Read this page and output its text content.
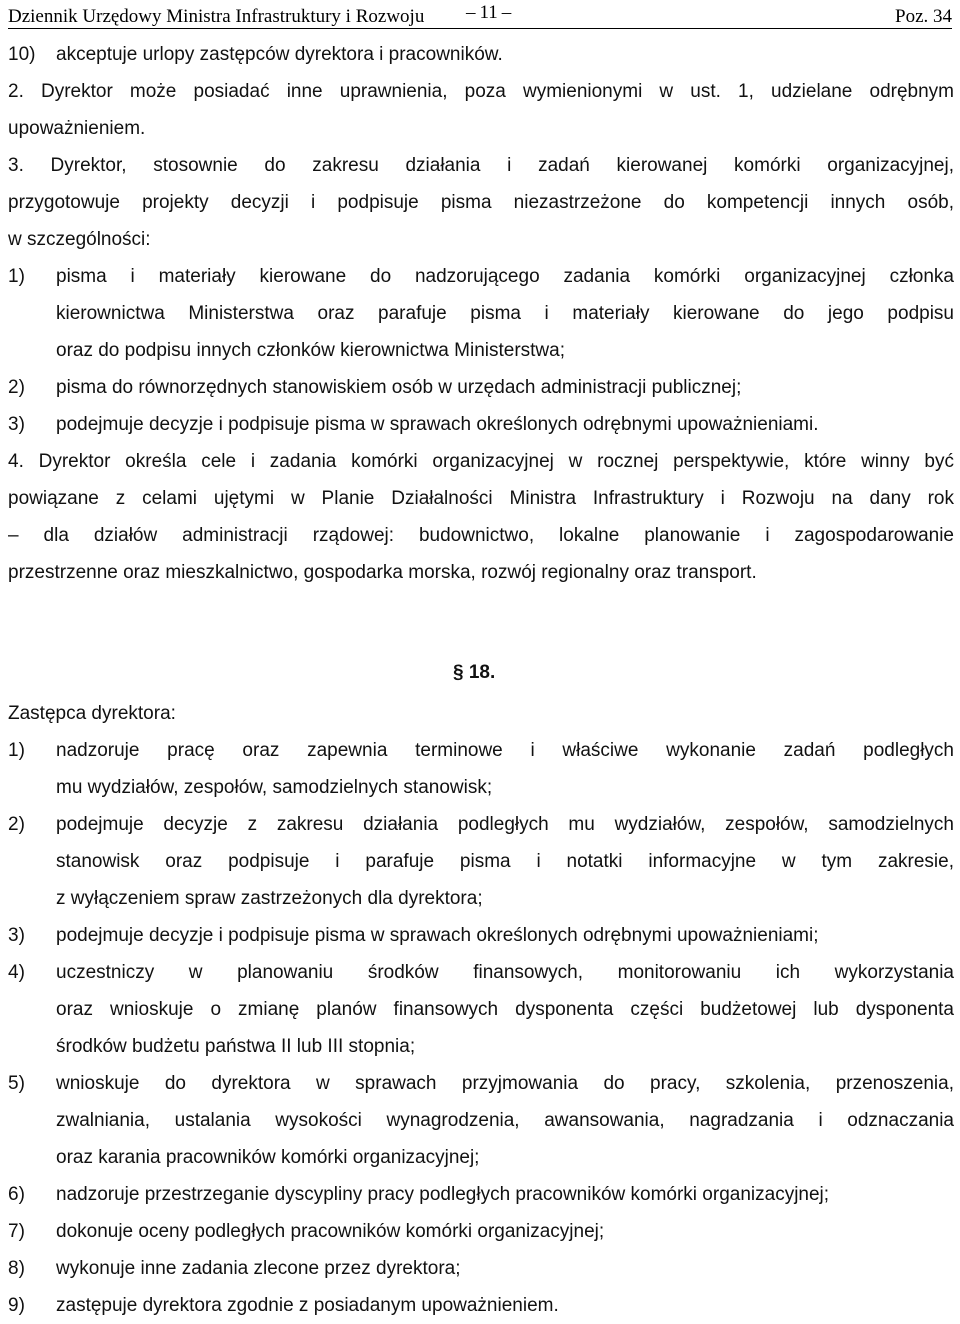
Dziennik Urzędowy Ministra Infrastruktury i Rozwoju – 11 –	Poz. 34
10)	akceptuje urlopy zastępców dyrektora i pracowników.

2. Dyrektor może posiadać inne uprawnienia, poza wymienionymi w ust. 1, udzielane odrębnym

upoważnieniem.

3. Dyrektor, stosownie do zakresu działania i zadań kierowanej komórki organizacyjnej,

przygotowuje projekty decyzji i podpisuje pisma niezastrzeżone do kompetencji innych osób,

w szczególności:

1)	pisma i materiały kierowane do nadzorującego zadania komórki organizacyjnej członka
kierownictwa Ministerstwa oraz parafuje pisma i materiały kierowane do jego podpisu
oraz do podpisu innych członków kierownictwa Ministerstwa;
2)	pisma do równorzędnych stanowiskiem osób w urzędach administracji publicznej;
3)	podejmuje decyzje i podpisuje pisma w sprawach określonych odrębnymi upoważnieniami.

4. Dyrektor określa cele i zadania komórki organizacyjnej w rocznej perspektywie, które winny być

powiązane z celami ujętymi w Planie Działalności Ministra Infrastruktury i Rozwoju na dany rok

– dla działów administracji rządowej: budownictwo, lokalne planowanie i zagospodarowanie

przestrzenne oraz mieszkalnictwo, gospodarka morska, rozwój regionalny oraz transport.

§ 18.

Zastępca dyrektora:

1)	nadzoruje pracę oraz zapewnia terminowe i właściwe wykonanie zadań podległych
mu wydziałów, zespołów, samodzielnych stanowisk;
2)	podejmuje decyzje z zakresu działania podległych mu wydziałów, zespołów, samodzielnych
stanowisk oraz podpisuje i parafuje pisma i notatki informacyjne w tym zakresie,
z wyłączeniem spraw zastrzeżonych dla dyrektora;
3)	podejmuje decyzje i podpisuje pisma w sprawach określonych odrębnymi upoważnieniami;
4)	uczestniczy w planowaniu środków finansowych, monitorowaniu ich wykorzystania
oraz wnioskuje o zmianę planów finansowych dysponenta części budżetowej lub dysponenta
środków budżetu państwa II lub III stopnia;
5)	wnioskuje do dyrektora w sprawach przyjmowania do pracy, szkolenia, przenoszenia,
zwalniania, ustalania wysokości wynagrodzenia, awansowania, nagradzania i odznaczania
oraz karania pracowników komórki organizacyjnej;
6)	nadzoruje przestrzeganie dyscypliny pracy podległych pracowników komórki organizacyjnej;
7)	dokonuje oceny podległych pracowników komórki organizacyjnej;
8)	wykonuje inne zadania zlecone przez dyrektora;
9)	zastępuje dyrektora zgodnie z posiadanym upoważnieniem.
